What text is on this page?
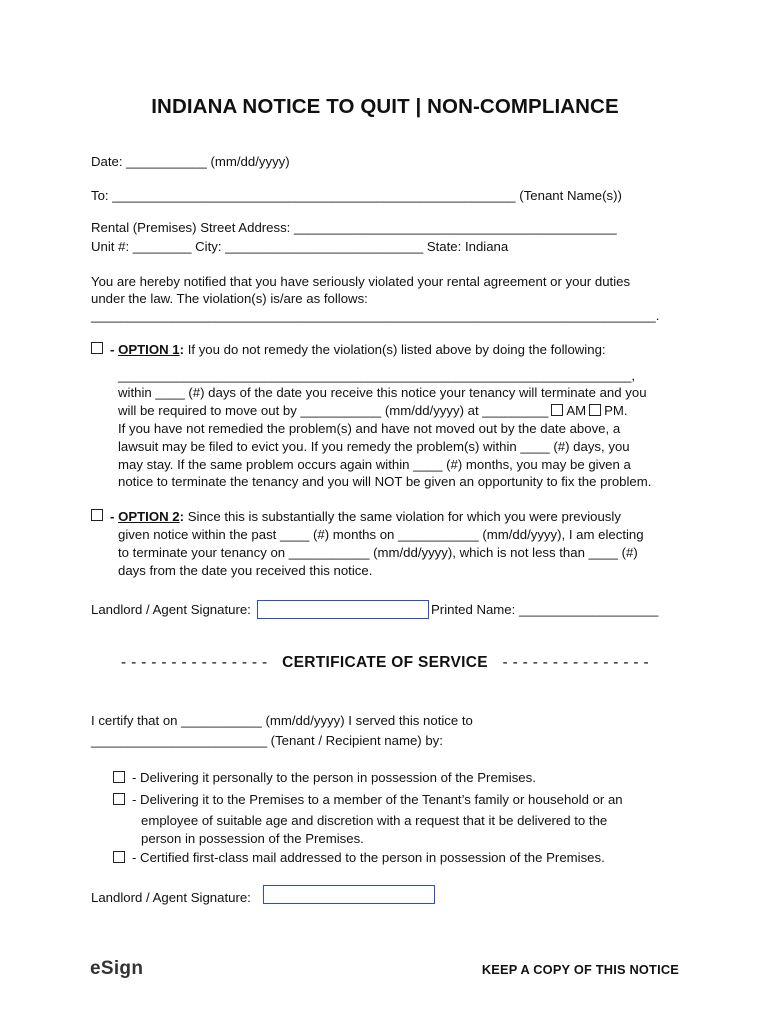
INDIANA NOTICE TO QUIT | NON-COMPLIANCE
Date: ___________ (mm/dd/yyyy)
To: _______________________________________________________ (Tenant Name(s))
Rental (Premises) Street Address: ____________________________________________
Unit #: ________ City: ___________________________ State: Indiana
You are hereby notified that you have seriously violated your rental agreement or your duties
under the law. The violation(s) is/are as follows:
_____________________________________________________________________________.
- OPTION 1: If you do not remedy the violation(s) listed above by doing the following:
______________________________________________________________________,
within ____ (#) days of the date you receive this notice your tenancy will terminate and you
will be required to move out by ___________ (mm/dd/yyyy) at _________ AM PM.
If you have not remedied the problem(s) and have not moved out by the date above, a
lawsuit may be filed to evict you. If you remedy the problem(s) within ____ (#) days, you
may stay. If the same problem occurs again within ____ (#) months, you may be given a
notice to terminate the tenancy and you will NOT be given an opportunity to fix the problem.
- OPTION 2: Since this is substantially the same violation for which you were previously
given notice within the past ____ (#) months on ___________ (mm/dd/yyyy), I am electing
to terminate your tenancy on ___________ (mm/dd/yyyy), which is not less than ____ (#)
days from the date you received this notice.
Landlord / Agent Signature:	Printed Name: ___________________
- - - - - - - - - - - - - - - CERTIFICATE OF SERVICE - - - - - - - - - - - - - - -
I certify that on ___________ (mm/dd/yyyy) I served this notice to
________________________ (Tenant / Recipient name) by:
- Delivering it personally to the person in possession of the Premises.
- Delivering it to the Premises to a member of the Tenant’s family or household or an
employee of suitable age and discretion with a request that it be delivered to the
person in possession of the Premises.
- Certified first-class mail addressed to the person in possession of the Premises.
Landlord / Agent Signature:
eSign	KEEP A COPY OF THIS NOTICE
